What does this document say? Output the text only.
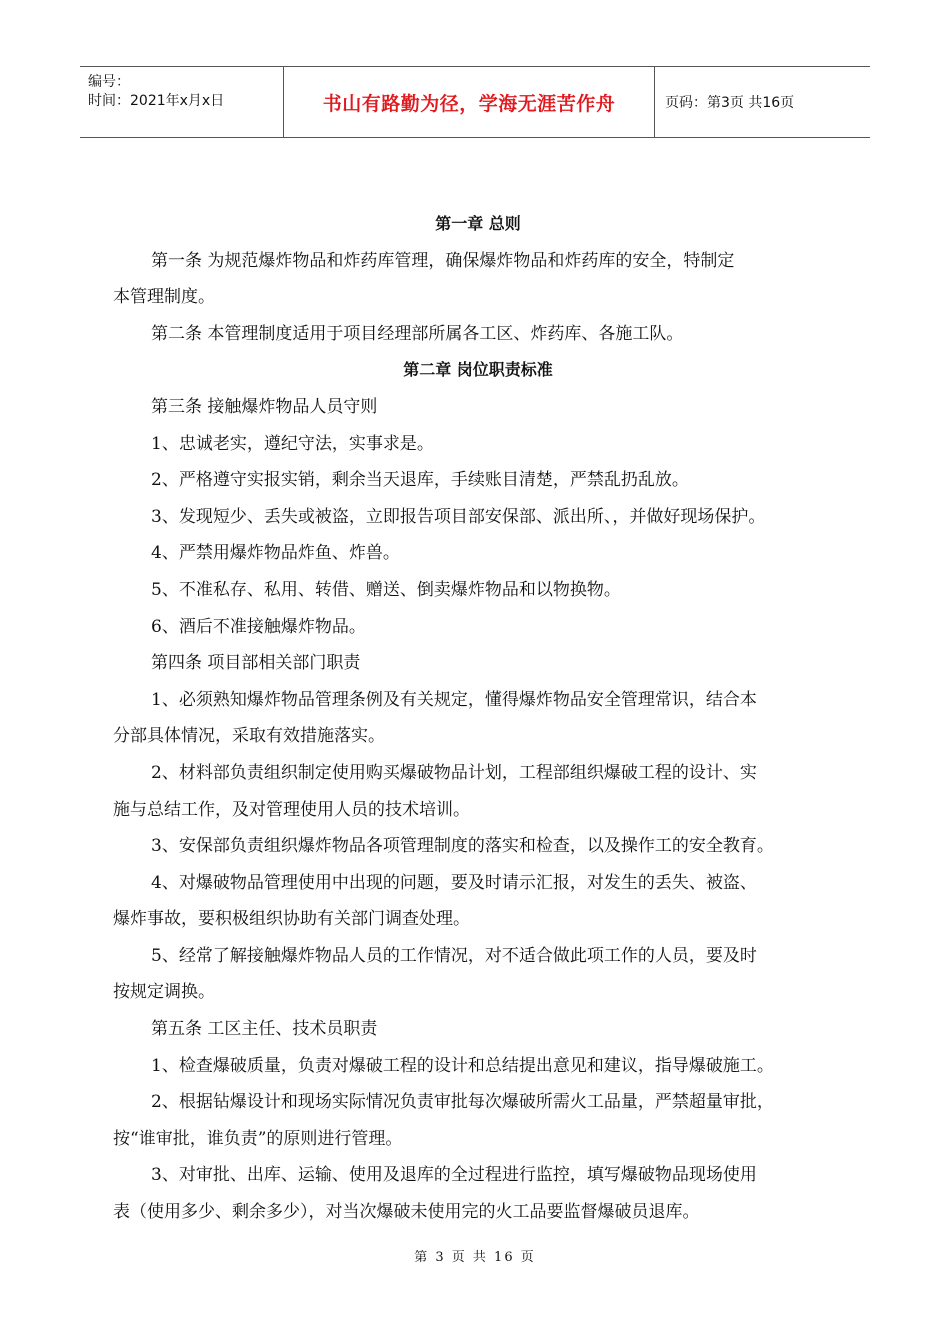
编号：
时间：2021年x月x日	书山有路勤为径，学海无涯苦作舟	页码：第3页 共16页

第一章 总则

第一条 为规范爆炸物品和炸药库管理，确保爆炸物品和炸药库的安全，特制定

本管理制度。

第二条 本管理制度适用于项目经理部所属各工区、炸药库、各施工队。

第二章 岗位职责标准

第三条 接触爆炸物品人员守则

1、忠诚老实，遵纪守法，实事求是。

2、严格遵守实报实销，剩余当天退库，手续账目清楚，严禁乱扔乱放。

3、发现短少、丢失或被盗，立即报告项目部安保部、派出所、，并做好现场保护。

4、严禁用爆炸物品炸鱼、炸兽。

5、不准私存、私用、转借、赠送、倒卖爆炸物品和以物换物。

6、酒后不准接触爆炸物品。

第四条 项目部相关部门职责

1、必须熟知爆炸物品管理条例及有关规定，懂得爆炸物品安全管理常识，结合本

分部具体情况，采取有效措施落实。

2、材料部负责组织制定使用购买爆破物品计划，工程部组织爆破工程的设计、实

施与总结工作，及对管理使用人员的技术培训。

3、安保部负责组织爆炸物品各项管理制度的落实和检查，以及操作工的安全教育。

4、对爆破物品管理使用中出现的问题，要及时请示汇报，对发生的丢失、被盗、

爆炸事故，要积极组织协助有关部门调查处理。

5、经常了解接触爆炸物品人员的工作情况，对不适合做此项工作的人员，要及时

按规定调换。

第五条 工区主任、技术员职责

1、检查爆破质量，负责对爆破工程的设计和总结提出意见和建议，指导爆破施工。

2、根据钻爆设计和现场实际情况负责审批每次爆破所需火工品量，严禁超量审批，

按“谁审批，谁负责”的原则进行管理。

3、对审批、出库、运输、使用及退库的全过程进行监控，填写爆破物品现场使用

表（使用多少、剩余多少），对当次爆破未使用完的火工品要监督爆破员退库。

第 3 页 共 16 页
